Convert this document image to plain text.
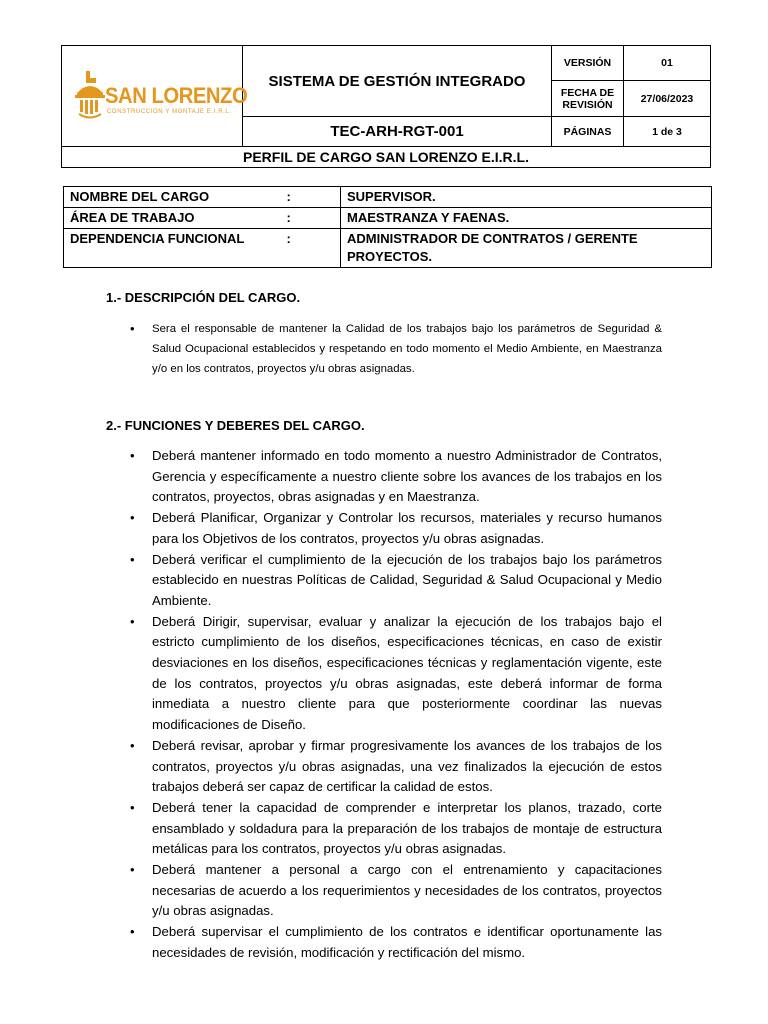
SAN LORENZO
CONSTRUCCION Y MONTAJE E.I.R.L.	SISTEMA DE GESTIÓN INTEGRADO	VERSIÓN	01
		FECHA DE
REVISIÓN	27/06/2023
	TEC-ARH-RGT-001	PÁGINAS	1 de 3
PERFIL DE CARGO SAN LORENZO E.I.R.L.			
NOMBRE DEL CARGO	:	SUPERVISOR.
ÁREA DE TRABAJO	:	MAESTRANZA Y FAENAS.
DEPENDENCIA FUNCIONAL	:	ADMINISTRADOR DE CONTRATOS / GERENTE PROYECTOS.
1.- DESCRIPCIÓN DEL CARGO.
• Sera el responsable de mantener la Calidad de los trabajos bajo los parámetros de Seguridad & Salud Ocupacional establecidos y respetando en todo momento el Medio Ambiente, en Maestranza y/o en los contratos, proyectos y/u obras asignadas.
2.- FUNCIONES Y DEBERES DEL CARGO.
• Deberá mantener informado en todo momento a nuestro Administrador de Contratos, Gerencia y específicamente a nuestro cliente sobre los avances de los trabajos en los contratos, proyectos, obras asignadas y en Maestranza.
• Deberá Planificar, Organizar y Controlar los recursos, materiales y recurso humanos para los Objetivos de los contratos, proyectos y/u obras asignadas.
• Deberá verificar el cumplimiento de la ejecución de los trabajos bajo los parámetros establecido en nuestras Políticas de Calidad, Seguridad & Salud Ocupacional y Medio Ambiente.
• Deberá Dirigir, supervisar, evaluar y analizar la ejecución de los trabajos bajo el estricto cumplimiento de los diseños, especificaciones técnicas, en caso de existir desviaciones en los diseños, especificaciones técnicas y reglamentación vigente, este de los contratos, proyectos y/u obras asignadas, este deberá informar de forma inmediata a nuestro cliente para que posteriormente coordinar las nuevas modificaciones de Diseño.
• Deberá revisar, aprobar y firmar progresivamente los avances de los trabajos de los contratos, proyectos y/u obras asignadas, una vez finalizados la ejecución de estos trabajos deberá ser capaz de certificar la calidad de estos.
• Deberá tener la capacidad de comprender e interpretar los planos, trazado, corte ensamblado y soldadura para la preparación de los trabajos de montaje de estructura metálicas para los contratos, proyectos y/u obras asignadas.
• Deberá mantener a personal a cargo con el entrenamiento y capacitaciones necesarias de acuerdo a los requerimientos y necesidades de los contratos, proyectos y/u obras asignadas.
• Deberá supervisar el cumplimiento de los contratos e identificar oportunamente las necesidades de revisión, modificación y rectificación del mismo.
